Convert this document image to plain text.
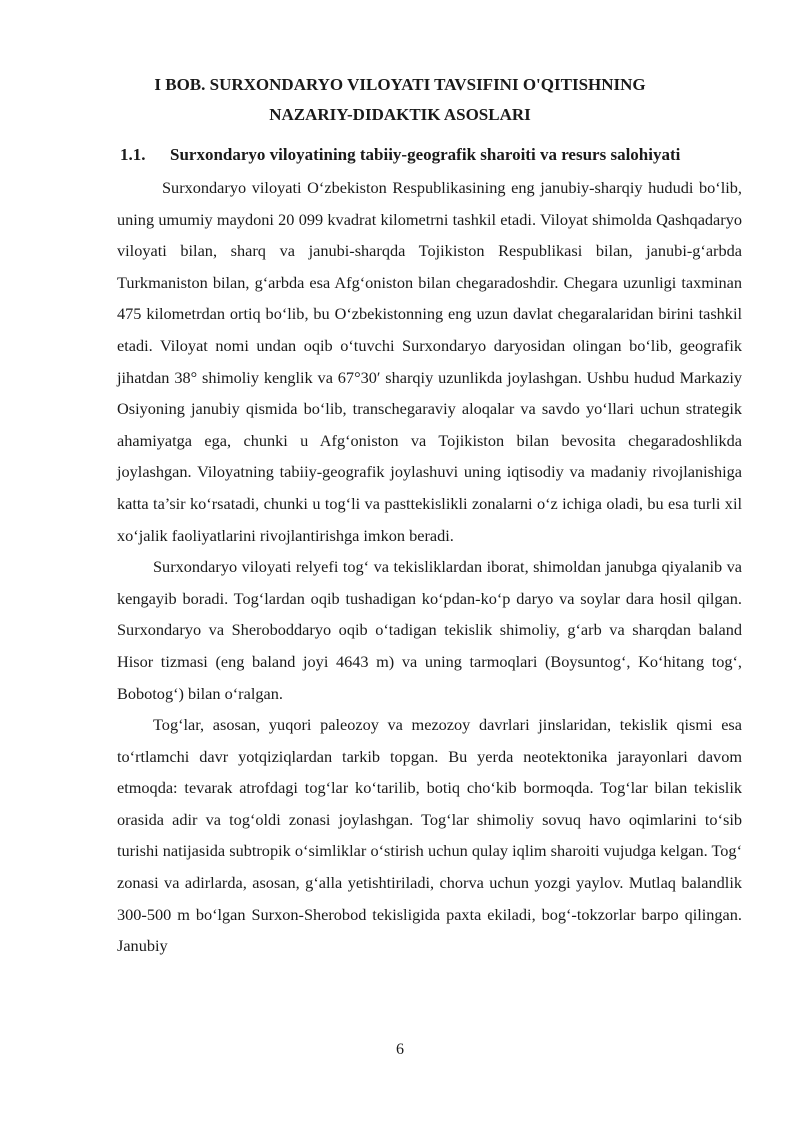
I BOB. SURXONDARYO VILOYATI TAVSIFINI O'QITISHNING
NAZARIY-DIDAKTIK ASOSLARI
1.1. Surxondaryo viloyatining tabiiy-geografik sharoiti va resurs salohiyati

Surxondaryo viloyati O‘zbekiston Respublikasining eng janubiy-sharqiy hududi bo‘lib, uning umumiy maydoni 20 099 kvadrat kilometrni tashkil etadi. Viloyat shimolda Qashqadaryo viloyati bilan, sharq va janubi-sharqda Tojikiston Respublikasi bilan, janubi-g‘arbda Turkmaniston bilan, g‘arbda esa Afg‘oniston bilan chegaradoshdir. Chegara uzunligi taxminan 475 kilometrdan ortiq bo‘lib, bu O‘zbekistonning eng uzun davlat chegaralaridan birini tashkil etadi. Viloyat nomi undan oqib o‘tuvchi Surxondaryo daryosidan olingan bo‘lib, geografik jihatdan 38° shimoliy kenglik va 67°30′ sharqiy uzunlikda joylashgan. Ushbu hudud Markaziy Osiyoning janubiy qismida bo‘lib, transchegaraviy aloqalar va savdo yo‘llari uchun strategik ahamiyatga ega, chunki u Afg‘oniston va Tojikiston bilan bevosita chegaradoshlikda joylashgan. Viloyatning tabiiy-geografik joylashuvi uning iqtisodiy va madaniy rivojlanishiga katta ta’sir ko‘rsatadi, chunki u tog‘li va pasttekislikli zonalarni o‘z ichiga oladi, bu esa turli xil xo‘jalik faoliyatlarini rivojlantirishga imkon beradi.

Surxondaryo viloyati relyefi tog‘ va tekisliklardan iborat, shimoldan janubga qiyalanib va kengayib boradi. Tog‘lardan oqib tushadigan ko‘pdan-ko‘p daryo va soylar dara hosil qilgan. Surxondaryo va Sheroboddaryo oqib o‘tadigan tekislik shimoliy, g‘arb va sharqdan baland Hisor tizmasi (eng baland joyi 4643 m) va uning tarmoqlari (Boysuntog‘, Ko‘hitang tog‘, Bobotog‘) bilan o‘ralgan.

Tog‘lar, asosan, yuqori paleozoy va mezozoy davrlari jinslaridan, tekislik qismi esa to‘rtlamchi davr yotqiziqlardan tarkib topgan. Bu yerda neotektonika jarayonlari davom etmoqda: tevarak atrofdagi tog‘lar ko‘tarilib, botiq cho‘kib bormoqda. Tog‘lar bilan tekislik orasida adir va tog‘oldi zonasi joylashgan. Tog‘lar shimoliy sovuq havo oqimlarini to‘sib turishi natijasida subtropik o‘simliklar o‘stirish uchun qulay iqlim sharoiti vujudga kelgan. Tog‘ zonasi va adirlarda, asosan, g‘alla yetishtiriladi, chorva uchun yozgi yaylov. Mutlaq balandlik 300-500 m bo‘lgan Surxon-Sherobod tekisligida paxta ekiladi, bog‘-tokzorlar barpo qilingan. Janubiy

6
